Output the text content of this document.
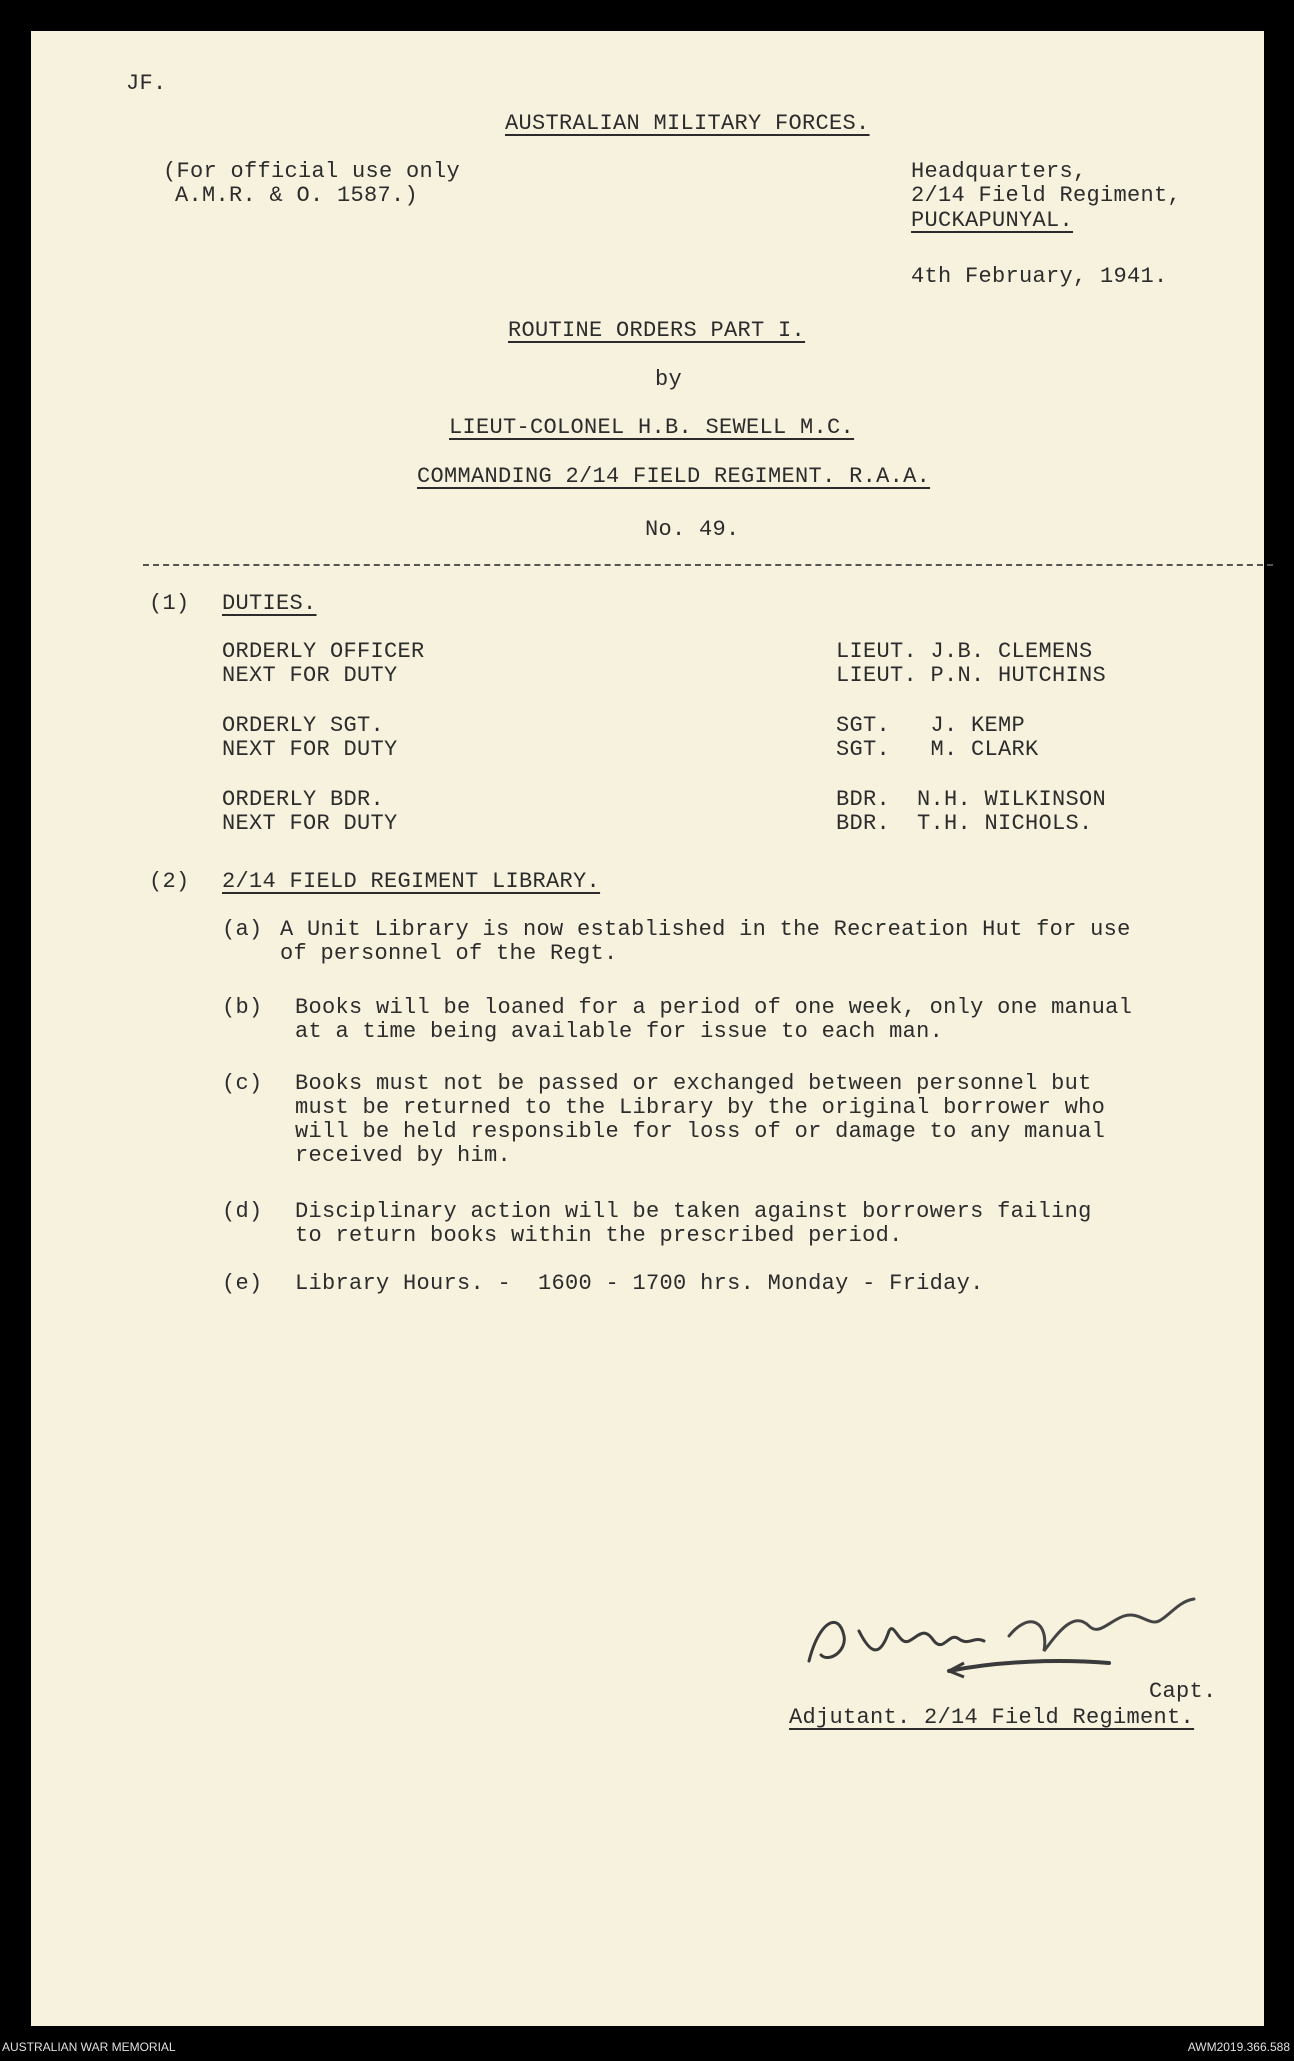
JF.
AUSTRALIAN MILITARY FORCES.
(For official use only
A.M.R. & O. 1587.)
Headquarters,
2/14 Field Regiment,
PUCKAPUNYAL.
4th February, 1941.
ROUTINE ORDERS PART I.
by
LIEUT-COLONEL H.B. SEWELL M.C.
COMMANDING 2/14 FIELD REGIMENT. R.A.A.
No. 49.
(1) DUTIES.
ORDERLY OFFICER	LIEUT. J.B. CLEMENS
NEXT FOR DUTY	LIEUT. P.N. HUTCHINS
ORDERLY SGT.	SGT.   J. KEMP
NEXT FOR DUTY	SGT.   M. CLARK
ORDERLY BDR.	BDR.  N.H. WILKINSON
NEXT FOR DUTY	BDR.  T.H. NICHOLS.
(2) 2/14 FIELD REGIMENT LIBRARY.
(a) A Unit Library is now established in the Recreation Hut for use
of personnel of the Regt.
(b) Books will be loaned for a period of one week, only one manual
at a time being available for issue to each man.
(c) Books must not be passed or exchanged between personnel but
must be returned to the Library by the original borrower who
will be held responsible for loss of or damage to any manual
received by him.
(d) Disciplinary action will be taken against borrowers failing
to return books within the prescribed period.
(e) Library Hours. -  1600 - 1700 hrs. Monday - Friday.
Capt.
Adjutant. 2/14 Field Regiment.
AUSTRALIAN WAR MEMORIAL	AWM2019.366.588
